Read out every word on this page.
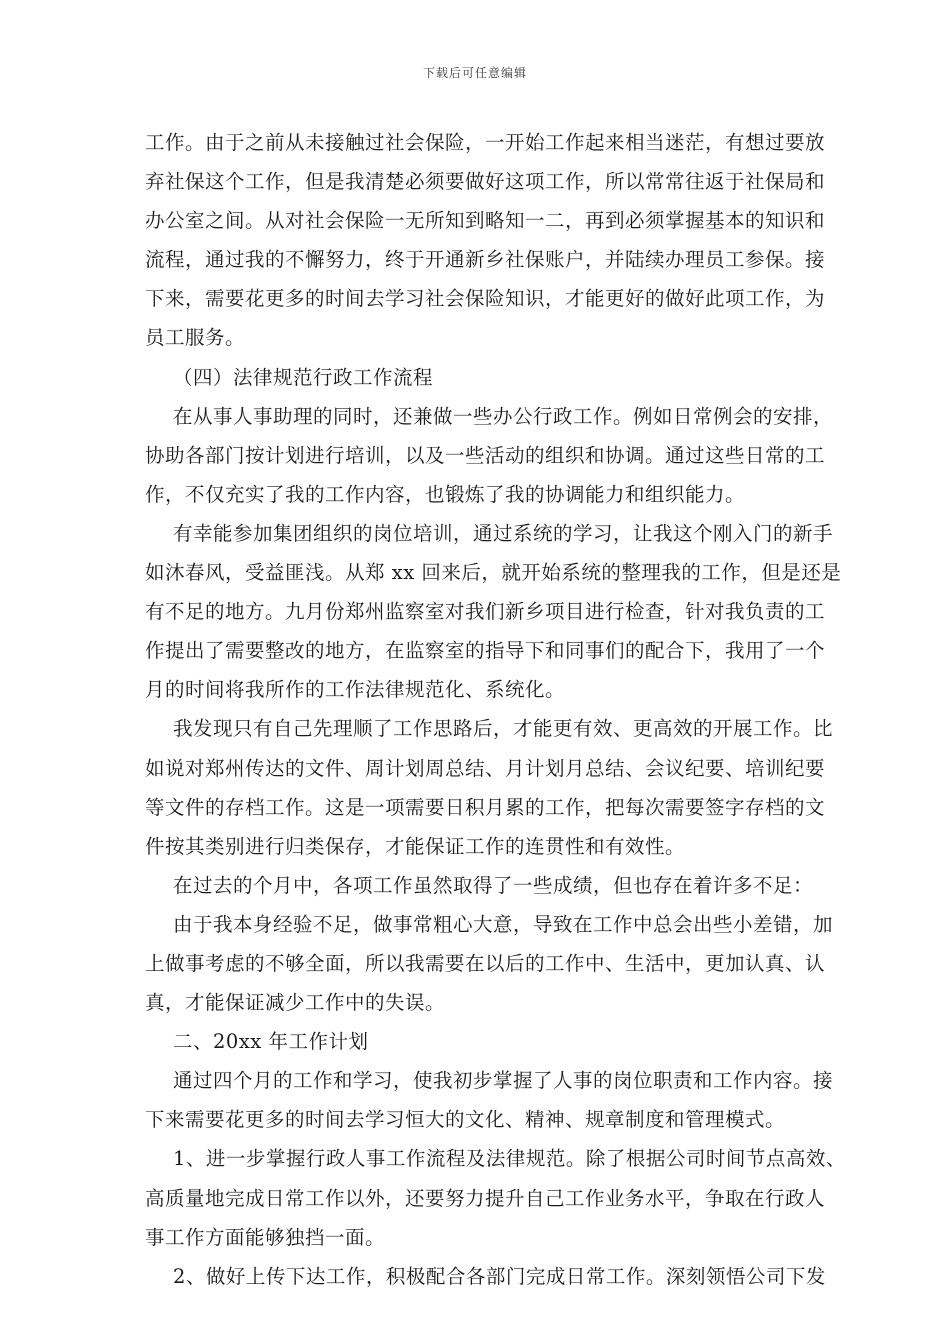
下载后可任意编辑
工作。由于之前从未接触过社会保险，一开始工作起来相当迷茫，有想过要放
弃社保这个工作，但是我清楚必须要做好这项工作，所以常常往返于社保局和
办公室之间。从对社会保险一无所知到略知一二，再到必须掌握基本的知识和
流程，通过我的不懈努力，终于开通新乡社保账户，并陆续办理员工参保。接
下来，需要花更多的时间去学习社会保险知识，才能更好的做好此项工作，为
员工服务。
（四）法律规范行政工作流程
在从事人事助理的同时，还兼做一些办公行政工作。例如日常例会的安排，
协助各部门按计划进行培训，以及一些活动的组织和协调。通过这些日常的工
作，不仅充实了我的工作内容，也锻炼了我的协调能力和组织能力。
有幸能参加集团组织的岗位培训，通过系统的学习，让我这个刚入门的新手
如沐春风，受益匪浅。从郑 xx 回来后，就开始系统的整理我的工作，但是还是
有不足的地方。九月份郑州监察室对我们新乡项目进行检查，针对我负责的工
作提出了需要整改的地方，在监察室的指导下和同事们的配合下，我用了一个
月的时间将我所作的工作法律规范化、系统化。
我发现只有自己先理顺了工作思路后，才能更有效、更高效的开展工作。比
如说对郑州传达的文件、周计划周总结、月计划月总结、会议纪要、培训纪要
等文件的存档工作。这是一项需要日积月累的工作，把每次需要签字存档的文
件按其类别进行归类保存，才能保证工作的连贯性和有效性。
在过去的个月中，各项工作虽然取得了一些成绩，但也存在着许多不足：
由于我本身经验不足，做事常粗心大意，导致在工作中总会出些小差错，加
上做事考虑的不够全面，所以我需要在以后的工作中、生活中，更加认真、认
真，才能保证减少工作中的失误。
二、20xx 年工作计划
通过四个月的工作和学习，使我初步掌握了人事的岗位职责和工作内容。接
下来需要花更多的时间去学习恒大的文化、精神、规章制度和管理模式。
1、进一步掌握行政人事工作流程及法律规范。除了根据公司时间节点高效、
高质量地完成日常工作以外，还要努力提升自己工作业务水平，争取在行政人
事工作方面能够独挡一面。
2、做好上传下达工作，积极配合各部门完成日常工作。深刻领悟公司下发
